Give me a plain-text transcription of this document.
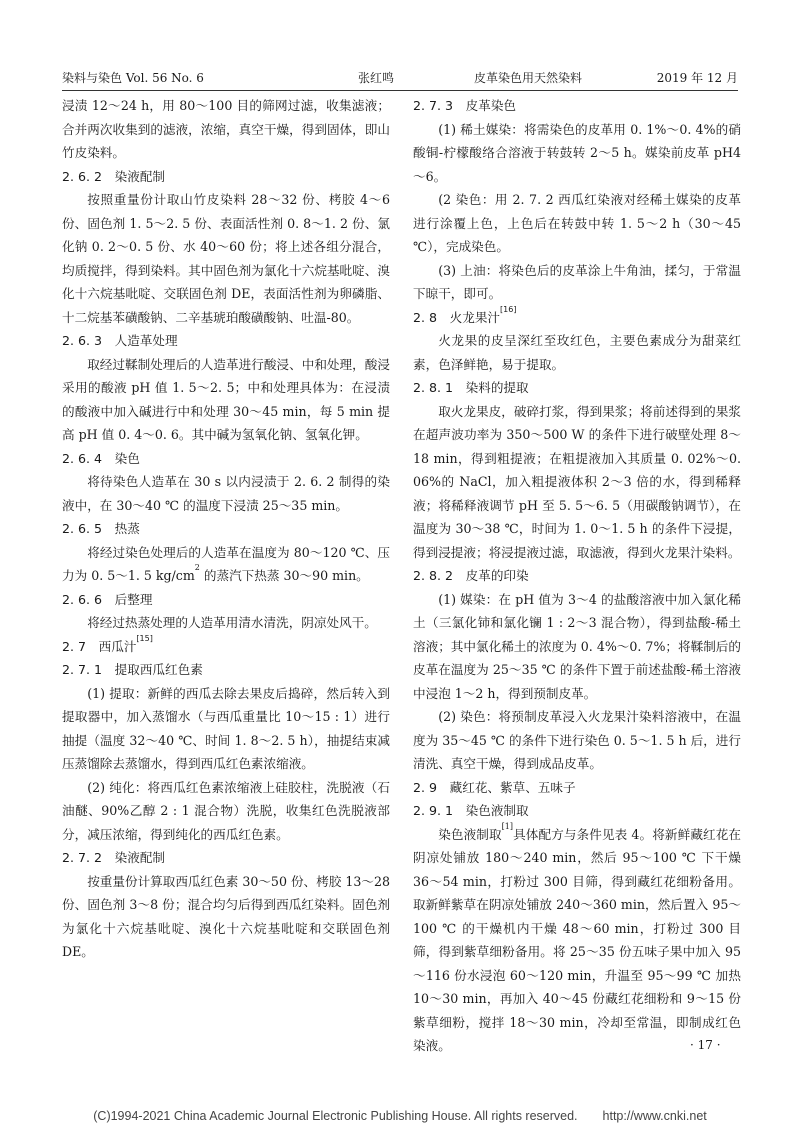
染料与染色 Vol. 56 No. 6	张红鸣	皮革染色用天然染料	2019 年 12 月

浸渍 12～24 h，用 80～100 目的筛网过滤，收集滤液；合并两次收集到的滤液，浓缩，真空干燥，得到固体，即山竹皮染料。

2. 6. 2　染液配制

按照重量份计取山竹皮染料 28～32 份、栲胶 4～6 份、固色剂 1. 5～2. 5 份、表面活性剂 0. 8～1. 2 份、氯化钠 0. 2～0. 5 份、水 40～60 份；将上述各组分混合，均质搅拌，得到染料。其中固色剂为氯化十六烷基吡啶、溴化十六烷基吡啶、交联固色剂 DE，表面活性剂为卵磷脂、十二烷基苯磺酸钠、二辛基琥珀酸磺酸钠、吐温-80。

2. 6. 3　人造革处理

取经过鞣制处理后的人造革进行酸浸、中和处理，酸浸采用的酸液 pH 值 1. 5～2. 5；中和处理具体为：在浸渍的酸液中加入碱进行中和处理 30～45 min，每 5 min 提高 pH 值 0. 4～0. 6。其中碱为氢氧化钠、氢氧化钾。

2. 6. 4　染色

将待染色人造革在 30 s 以内浸渍于 2. 6. 2 制得的染液中，在 30～40 ℃ 的温度下浸渍 25～35 min。

2. 6. 5　热蒸

将经过染色处理后的人造革在温度为 80～120 ℃、压力为 0. 5～1. 5 $kg/cm^2$ 的蒸汽下热蒸 30～90 min。

2. 6. 6　后整理

将经过热蒸处理的人造革用清水清洗，阴凉处风干。

2. 7　西瓜汁[15]
2. 7. 1　提取西瓜红色素

(1) 提取：新鲜的西瓜去除去果皮后捣碎，然后转入到提取器中，加入蒸馏水（与西瓜重量比 10～15 : 1）进行抽提（温度 32～40 ℃、时间 1. 8～2. 5 h），抽提结束减压蒸馏除去蒸馏水，得到西瓜红色素浓缩液。

(2) 纯化：将西瓜红色素浓缩液上硅胶柱，洗脱液（石油醚、90%乙醇 2 : 1 混合物）洗脱，收集红色洗脱液部分，减压浓缩，得到纯化的西瓜红色素。

2. 7. 2　染液配制

按重量份计算取西瓜红色素 30～50 份、栲胶 13～28 份、固色剂 3～8 份；混合均匀后得到西瓜红染料。固色剂为氯化十六烷基吡啶、溴化十六烷基吡啶和交联固色剂 DE。

2. 7. 3　皮革染色

(1) 稀土媒染：将需染色的皮革用 0. 1%～0. 4%的硝酸铜-柠檬酸络合溶液于转鼓转 2～5 h。媒染前皮革 pH4～6。

(2 染色：用 2. 7. 2 西瓜红染液对经稀土媒染的皮革进行涂覆上色，上色后在转鼓中转 1. 5～2 h（30～45 ℃），完成染色。

(3) 上油：将染色后的皮革涂上牛角油，揉匀，于常温下晾干，即可。

2. 8　火龙果汁[16]

火龙果的皮呈深红至玫红色，主要色素成分为甜菜红素，色泽鲜艳，易于提取。

2. 8. 1　染料的提取

取火龙果皮，破碎打浆，得到果浆；将前述得到的果浆在超声波功率为 350～500 W 的条件下进行破壁处理 8～18 min，得到粗提液；在粗提液加入其质量 0. 02%～0. 06%的 NaCl，加入粗提液体积 2～3 倍的水，得到稀释液；将稀释液调节 pH 至 5. 5～6. 5（用碳酸钠调节），在温度为 30～38 ℃，时间为 1. 0～1. 5 h 的条件下浸提，得到浸提液；将浸提液过滤，取滤液，得到火龙果汁染料。

2. 8. 2　皮革的印染

(1) 媒染：在 pH 值为 3～4 的盐酸溶液中加入氯化稀土（三氯化铈和氯化镧 1 : 2～3 混合物），得到盐酸-稀土溶液；其中氯化稀土的浓度为 0. 4%～0. 7%；将鞣制后的皮革在温度为 25～35 ℃ 的条件下置于前述盐酸-稀土溶液中浸泡 1～2 h，得到预制皮革。

(2) 染色：将预制皮革浸入火龙果汁染料溶液中，在温度为 35～45 ℃ 的条件下进行染色 0. 5～1. 5 h 后，进行清洗、真空干燥，得到成品皮革。

2. 9　藏红花、紫草、五味子
2. 9. 1　染色液制取

染色液制取[1]具体配方与条件见表 4。将新鲜藏红花在阴凉处铺放 180～240 min，然后 95～100 ℃ 下干燥 36～54 min，打粉过 300 目筛，得到藏红花细粉备用。取新鲜紫草在阴凉处铺放 240～360 min，然后置入 95～100 ℃ 的干燥机内干燥 48～60 min，打粉过 300 目筛，得到紫草细粉备用。将 25～35 份五味子果中加入 95～116 份水浸泡 60～120 min，升温至 95～99 ℃ 加热 10～30 min，再加入 40～45 份藏红花细粉和 9～15 份紫草细粉，搅拌 18～30 min，冷却至常温，即制成红色染液。	· 17 ·
(C)1994-2021 China Academic Journal Electronic Publishing House. All rights reserved.　　http://www.cnki.net
